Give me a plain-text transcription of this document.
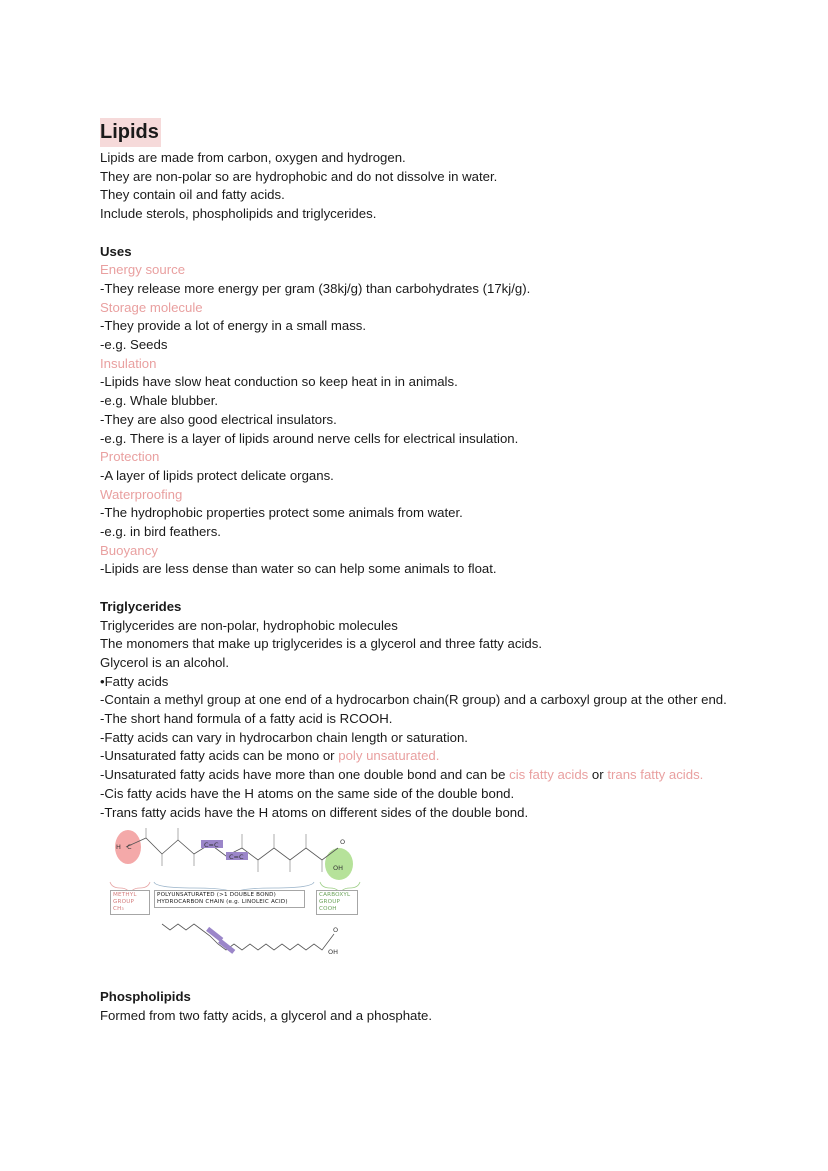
Lipids
Lipids are made from carbon, oxygen and hydrogen.
They are non-polar so are hydrophobic and do not dissolve in water.
They contain oil and fatty acids.
Include sterols, phospholipids and triglycerides.
Uses
Energy source
-They release more energy per gram (38kj/g) than carbohydrates (17kj/g).
Storage molecule
-They provide a lot of energy in a small mass.
-e.g. Seeds
Insulation
-Lipids have slow heat conduction so keep heat in in animals.
-e.g. Whale blubber.
-They are also good electrical insulators.
-e.g. There is a layer of lipids around nerve cells for electrical insulation.
Protection
-A layer of lipids protect delicate organs.
Waterproofing
-The hydrophobic properties protect some animals from water.
-e.g. in bird feathers.
Buoyancy
-Lipids are less dense than water so can help some animals to float.
Triglycerides
Triglycerides are non-polar, hydrophobic molecules
The monomers that make up triglycerides is a glycerol and three fatty acids.
Glycerol is an alcohol.
•Fatty acids
-Contain a methyl group at one end of a hydrocarbon chain(R group) and a carboxyl group at the other end.
-The short hand formula of a fatty acid is RCOOH.
-Fatty acids can vary in hydrocarbon chain length or saturation.
-Unsaturated fatty acids can be mono or poly unsaturated.
-Unsaturated fatty acids have more than one double bond and can be cis fatty acids or trans fatty acids.
-Cis fatty acids have the H atoms on the same side of the double bond.
-Trans fatty acids have the H atoms on different sides of the double bond.
C=C
C=C
H C
OH
O
O
OH
METHYL
GROUP
CH₃
POLYUNSATURATED (>1 DOUBLE BOND)
HYDROCARBON CHAIN (e.g. LINOLEIC ACID)
CARBOXYL
GROUP
COOH
Phospholipids
Formed from two fatty acids, a glycerol and a phosphate.
